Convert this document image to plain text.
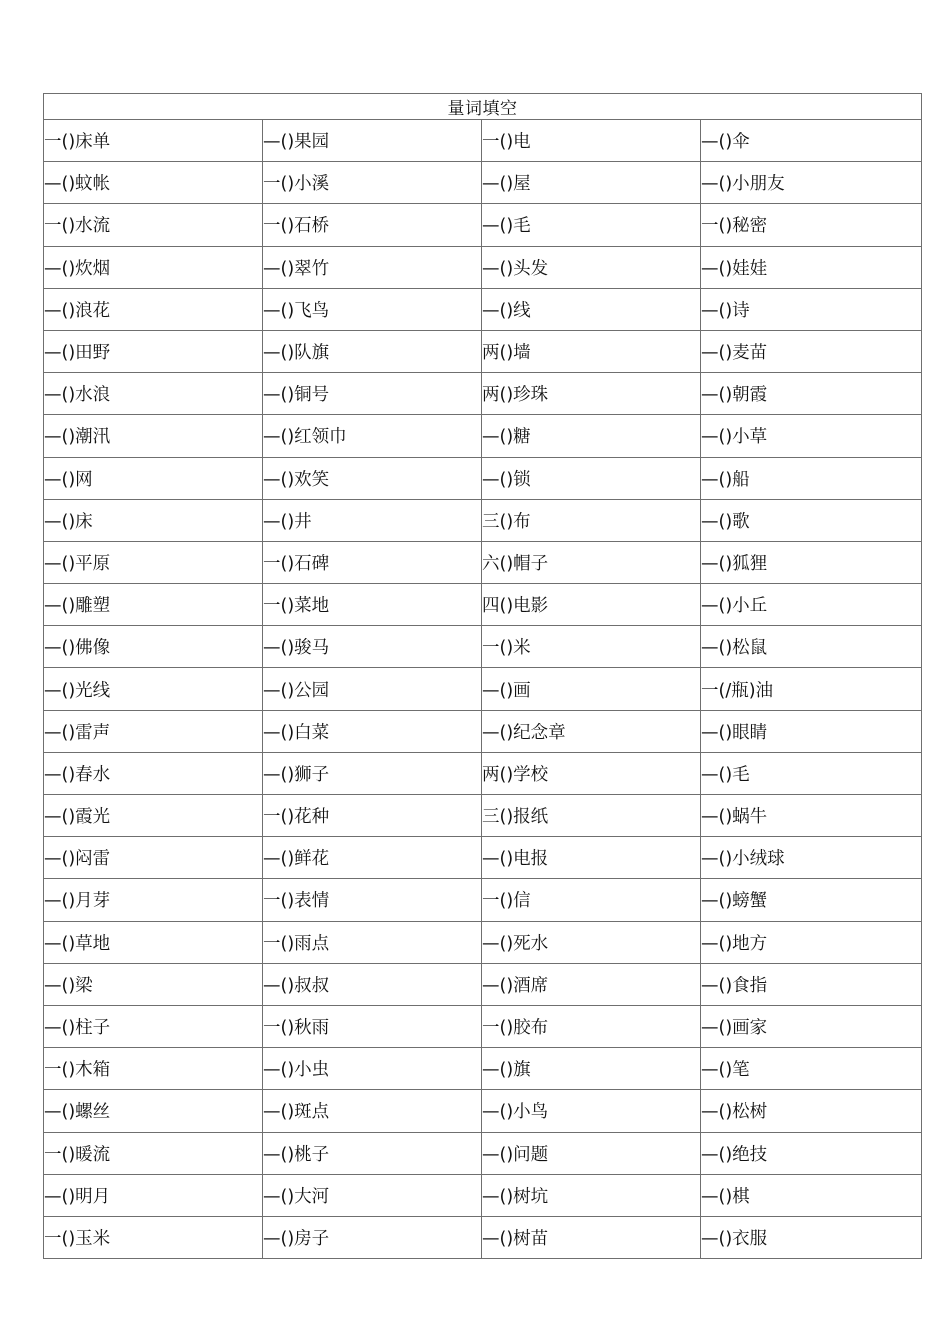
量词填空			
一()床单	—()果园	一()电	—()伞
—()蚊帐	一()小溪	—()屋	—()小朋友
一()水流	一()石桥	—()毛	一()秘密
—()炊烟	—()翠竹	—()头发	—()娃娃
—()浪花	—()飞鸟	—()线	—()诗
—()田野	—()队旗	两()墙	—()麦苗
—()水浪	—()铜号	两()珍珠	—()朝霞
—()潮汛	—()红领巾	—()糖	—()小草
—()网	—()欢笑	—()锁	—()船
—()床	—()井	三()布	—()歌
—()平原	一()石碑	六()帽子	—()狐狸
—()雕塑	一()菜地	四()电影	—()小丘
—()佛像	—()骏马	一()米	—()松鼠
—()光线	—()公园	—()画	一(/瓶)油
—()雷声	—()白菜	—()纪念章	—()眼睛
—()春水	—()狮子	两()学校	—()毛
—()霞光	一()花种	三()报纸	—()蜗牛
—()闷雷	—()鲜花	—()电报	—()小绒球
—()月芽	一()表情	一()信	—()螃蟹
—()草地	一()雨点	—()死水	—()地方
—()梁	—()叔叔	—()酒席	—()食指
—()柱子	一()秋雨	一()胶布	—()画家
一()木箱	—()小虫	—()旗	—()笔
—()螺丝	—()斑点	—()小鸟	—()松树
一()暖流	—()桃子	—()问题	—()绝技
—()明月	—()大河	—()树坑	—()棋
一()玉米	—()房子	—()树苗	—()衣服
